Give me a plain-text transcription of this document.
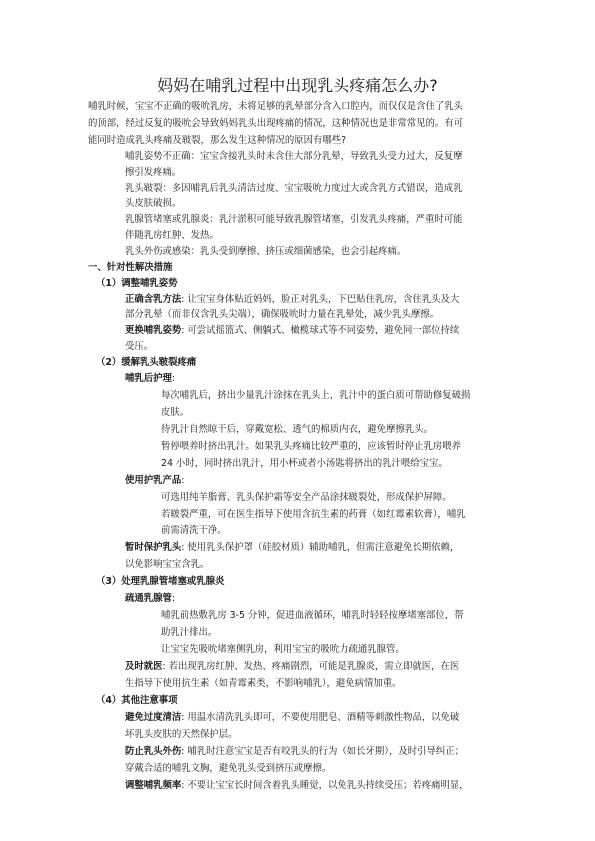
妈妈在哺乳过程中出现乳头疼痛怎么办?
哺乳时候，宝宝不正确的吸吮乳房，未将足够的乳晕部分含入口腔内，而仅仅是含住了乳头
的顶部，经过反复的吸吮会导致妈妈乳头出现疼痛的情况，这种情况也是非常常见的。有可
能同时造成乳头疼痛及皲裂，那么发生这种情况的原因有哪些?
哺乳姿势不正确：宝宝含接乳头时未含住大部分乳晕，导致乳头受力过大，反复摩
擦引发疼痛。
乳头皲裂：多因哺乳后乳头清洁过度、宝宝吸吮力度过大或含乳方式错误，造成乳
头皮肤破损。
乳腺管堵塞或乳腺炎：乳汁淤积可能导致乳腺管堵塞，引发乳头疼痛，严重时可能
伴随乳房红肿、发热。
乳头外伤或感染：乳头受到摩擦、挤压或细菌感染，也会引起疼痛。
一、针对性解决措施
（1）调整哺乳姿势
正确含乳方法: 让宝宝身体贴近妈妈，脸正对乳头，下巴贴住乳房，含住乳头及大
部分乳晕（而非仅含乳头尖端），确保吸吮时力量在乳晕处，减少乳头摩擦。
更换哺乳姿势: 可尝试摇篮式、侧躺式、橄榄球式等不同姿势，避免同一部位持续
受压。
（2）缓解乳头皲裂疼痛
哺乳后护理:
每次哺乳后，挤出少量乳汁涂抹在乳头上，乳汁中的蛋白质可帮助修复破损
皮肤。
待乳汁自然晾干后，穿戴宽松、透气的棉质内衣，避免摩擦乳头。
暂停喂养时挤出乳汁。如果乳头疼痛比较严重的，应该暂时停止乳房喂养
24 小时，同时挤出乳汁，用小杯或者小汤匙将挤出的乳汁喂给宝宝。
使用护乳产品:
可选用纯羊脂膏、乳头保护霜等安全产品涂抹皲裂处，形成保护屏障。
若皲裂严重，可在医生指导下使用含抗生素的药膏（如红霉素软膏），哺乳
前需清洗干净。
暂时保护乳头: 使用乳头保护罩（硅胶材质）辅助哺乳，但需注意避免长期依赖，
以免影响宝宝含乳。
（3）处理乳腺管堵塞或乳腺炎
疏通乳腺管:
哺乳前热敷乳房 3-5 分钟，促进血液循环，哺乳时轻轻按摩堵塞部位，帮
助乳汁排出。
让宝宝先吸吮堵塞侧乳房，利用宝宝的吸吮力疏通乳腺管。
及时就医: 若出现乳房红肿、发热、疼痛剧烈，可能是乳腺炎，需立即就医，在医
生指导下使用抗生素（如青霉素类，不影响哺乳），避免病情加重。
（4）其他注意事项
避免过度清洁: 用温水清洗乳头即可，不要使用肥皂、酒精等刺激性物品，以免破
坏乳头皮肤的天然保护层。
防止乳头外伤: 哺乳时注意宝宝是否有咬乳头的行为（如长牙期），及时引导纠正；
穿戴合适的哺乳文胸，避免乳头受到挤压或摩擦。
调整哺乳频率: 不要让宝宝长时间含着乳头睡觉，以免乳头持续受压；若疼痛明显，
